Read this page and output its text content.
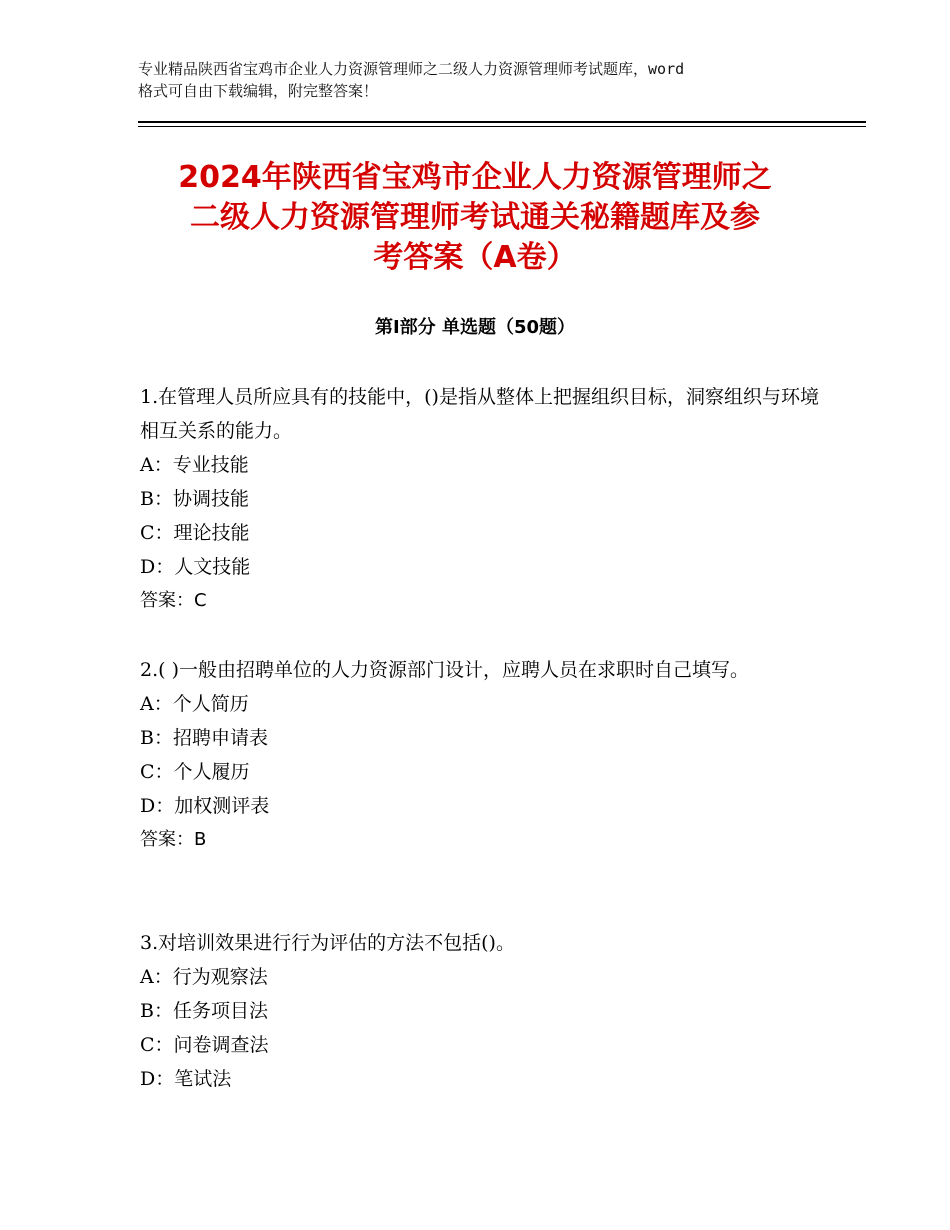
专业精品陕西省宝鸡市企业人力资源管理师之二级人力资源管理师考试题库，word

格式可自由下载编辑，附完整答案！

2024年陕西省宝鸡市企业人力资源管理师之
二级人力资源管理师考试通关秘籍题库及参
考答案（A卷）
第Ⅰ部分 单选题（50题）

1.在管理人员所应具有的技能中，()是指从整体上把握组织目标，洞察组织与环境相互关系的能力。

A：专业技能

B：协调技能

C：理论技能

D：人文技能

答案：C

2.( )一般由招聘单位的人力资源部门设计，应聘人员在求职时自己填写。

A：个人简历

B：招聘申请表

C：个人履历

D：加权测评表

答案：B

3.对培训效果进行行为评估的方法不包括()。

A：行为观察法

B：任务项目法

C：问卷调查法

D：笔试法
